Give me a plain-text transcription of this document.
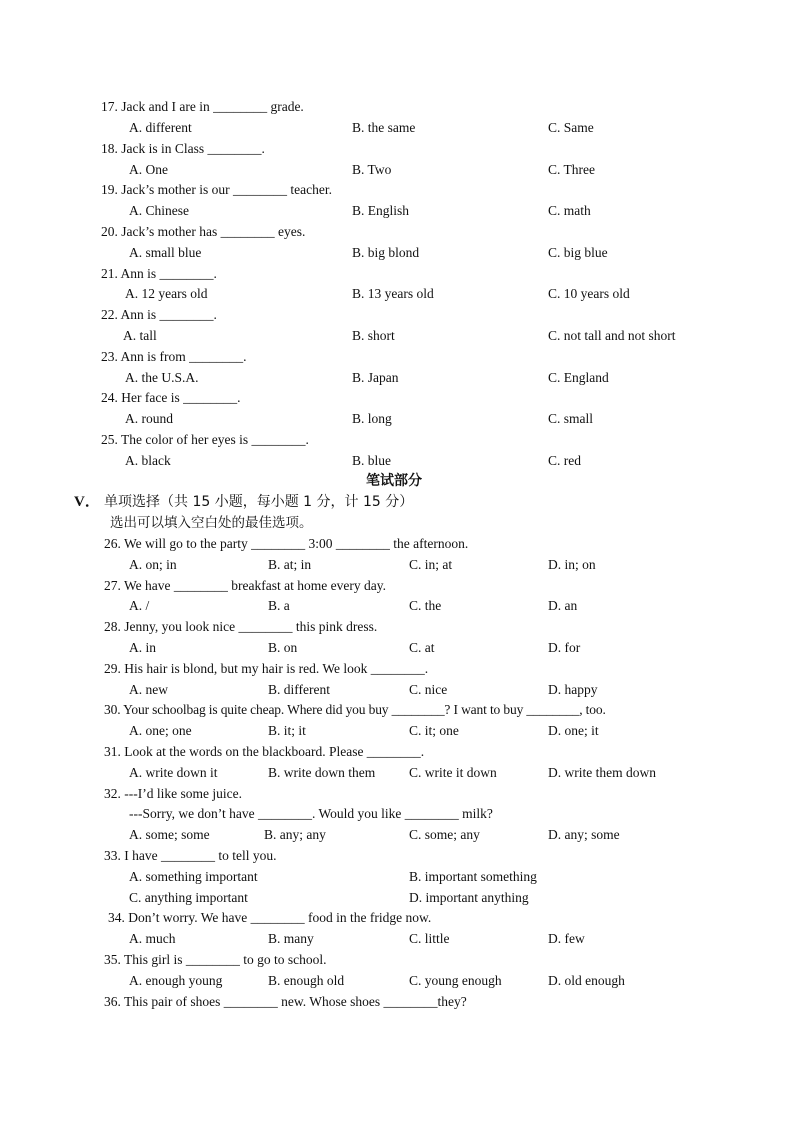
17. Jack and I are in ________ grade.
A. different	B. the same	C. Same
18. Jack is in Class ________.
A. One	B. Two	C. Three
19. Jack’s mother is our ________ teacher.
A. Chinese	B. English	C. math
20. Jack’s mother has ________ eyes.
A. small blue	B. big blond	C. big blue
21. Ann is ________.
A. 12 years old	B. 13 years old	C. 10 years old
22. Ann is ________.
A. tall	B. short	C. not tall and not short
23. Ann is from ________.
A. the U.S.A.	B. Japan	C. England
24. Her face is ________.
A. round	B. long	C. small
25. The color of her eyes is ________.
A. black	B. blue	C. red
笔试部分
V． 单项选择（共 15 小题，每小题 1 分，计 15 分）
选出可以填入空白处的最佳选项。
26. We will go to the party ________ 3:00 ________ the afternoon.
A. on; in	B. at; in	C. in; at	D. in; on
27. We have ________ breakfast at home every day.
A. /	B. a	C. the	D. an
28. Jenny, you look nice ________ this pink dress.
A. in	B. on	C. at	D. for
29. His hair is blond, but my hair is red. We look ________.
A. new	B. different	C. nice	D. happy
30. Your schoolbag is quite cheap. Where did you buy ________? I want to buy ________, too.
A. one; one	B. it; it	C. it; one	D. one; it
31. Look at the words on the blackboard. Please ________.
A. write down it	B. write down them	C. write it down	D. write them down
32. ---I’d like some juice.
---Sorry, we don’t have ________. Would you like ________ milk?
A. some; some	B. any; any	C. some; any	D. any; some
33. I have ________ to tell you.
A. something important	B. important something
C. anything important	D. important anything
34. Don’t worry. We have ________ food in the fridge now.
A. much	B. many	C. little	D. few
35. This girl is ________ to go to school.
A. enough young	B. enough old	C. young enough	D. old enough
36. This pair of shoes ________ new. Whose shoes ________they?
